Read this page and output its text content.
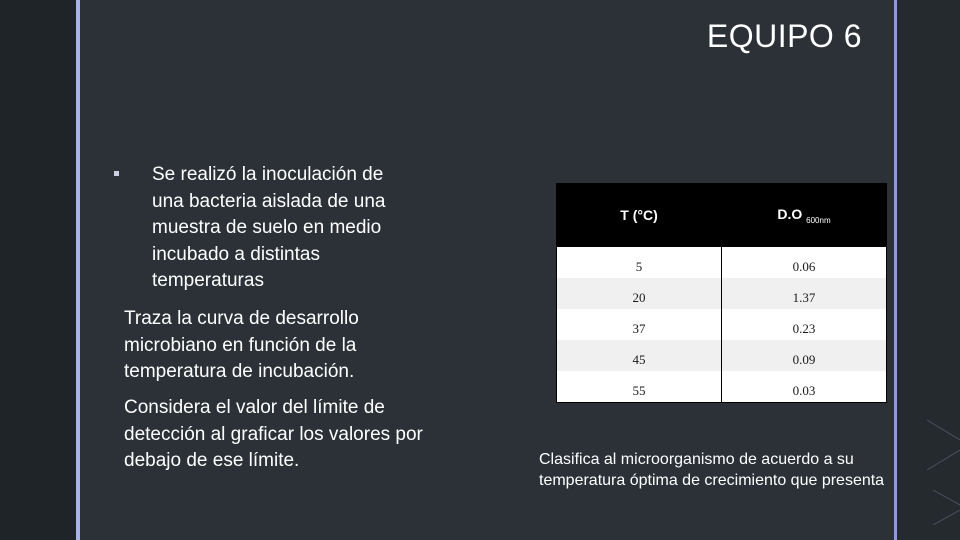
EQUIPO 6
Se realizó la inoculación de una bacteria aislada de una muestra de suelo en medio incubado a distintas temperaturas
Traza la curva de desarrollo microbiano en función de la temperatura de incubación.
Considera el valor del límite de detección al graficar los valores por debajo de ese límite.
T (°C)	D.O $_{600nm}$
5	0.06
20	1.37
37	0.23
45	0.09
55	0.03
Clasifica al microorganismo de acuerdo a su temperatura óptima de crecimiento que presenta
